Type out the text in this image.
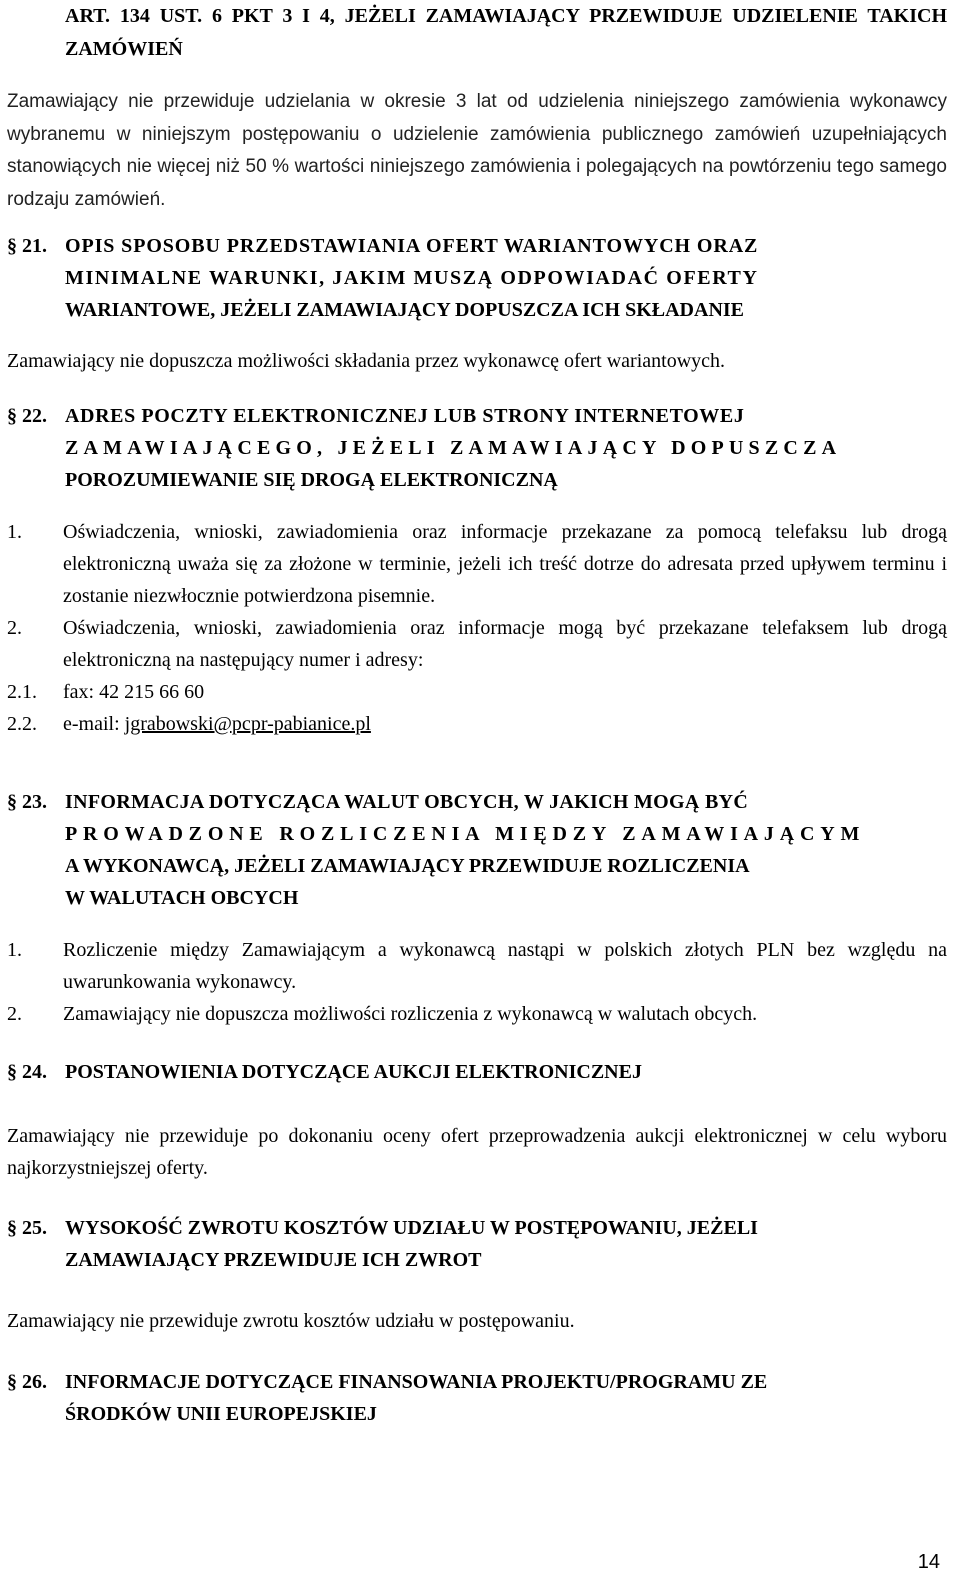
ART. 134 UST. 6 PKT 3 I 4, JEŻELI ZAMAWIAJĄCY PRZEWIDUJE UDZIELENIE TAKICH ZAMÓWIEŃ

Zamawiający nie przewiduje udzielania w okresie 3 lat od udzielenia niniejszego zamówienia wykonawcy wybranemu w niniejszym postępowaniu o udzielenie zamówienia publicznego zamówień uzupełniających stanowiących nie więcej niż 50 % wartości niniejszego zamówienia i polegających na powtórzeniu tego samego rodzaju zamówień.

§ 21. OPIS SPOSOBU PRZEDSTAWIANIA OFERT WARIANTOWYCH ORAZ
MINIMALNE WARUNKI, JAKIM MUSZĄ ODPOWIADAĆ OFERTY
WARIANTOWE, JEŻELI ZAMAWIAJĄCY DOPUSZCZA ICH SKŁADANIE

Zamawiający nie dopuszcza możliwości składania przez wykonawcę ofert wariantowych.

§ 22. ADRES POCZTY ELEKTRONICZNEJ LUB STRONY INTERNETOWEJ
ZAMAWIAJĄCEGO, JEŻELI ZAMAWIAJĄCY DOPUSZCZA
POROZUMIEWANIE SIĘ DROGĄ ELEKTRONICZNĄ
1.	Oświadczenia, wnioski, zawiadomienia oraz informacje przekazane za pomocą telefaksu lub drogą elektroniczną uważa się za złożone w terminie, jeżeli ich treść dotrze do adresata przed upływem terminu i zostanie niezwłocznie potwierdzona pisemnie.
2.	Oświadczenia, wnioski, zawiadomienia oraz informacje mogą być przekazane telefaksem lub drogą elektroniczną na następujący numer i adresy:
2.1.	fax: 42 215 66 60
2.2.	e-mail: jgrabowski@pcpr-pabianice.pl
§ 23. INFORMACJA DOTYCZĄCA WALUT OBCYCH, W JAKICH MOGĄ BYĆ
PROWADZONE ROZLICZENIA MIĘDZY ZAMAWIAJĄCYM
A WYKONAWCĄ, JEŻELI ZAMAWIAJĄCY PRZEWIDUJE ROZLICZENIA
W WALUTACH OBCYCH
1.	Rozliczenie między Zamawiającym a wykonawcą nastąpi w polskich złotych PLN bez względu na uwarunkowania wykonawcy.
2.	Zamawiający nie dopuszcza możliwości rozliczenia z wykonawcą w walutach obcych.
§ 24. POSTANOWIENIA DOTYCZĄCE AUKCJI ELEKTRONICZNEJ

Zamawiający nie przewiduje po dokonaniu oceny ofert przeprowadzenia aukcji elektronicznej w celu wyboru najkorzystniejszej oferty.

§ 25. WYSOKOŚĆ ZWROTU KOSZTÓW UDZIAŁU W POSTĘPOWANIU, JEŻELI
ZAMAWIAJĄCY PRZEWIDUJE ICH ZWROT

Zamawiający nie przewiduje zwrotu kosztów udziału w postępowaniu.

§ 26. INFORMACJE DOTYCZĄCE FINANSOWANIA PROJEKTU/PROGRAMU ZE
ŚRODKÓW UNII EUROPEJSKIEJ
14
